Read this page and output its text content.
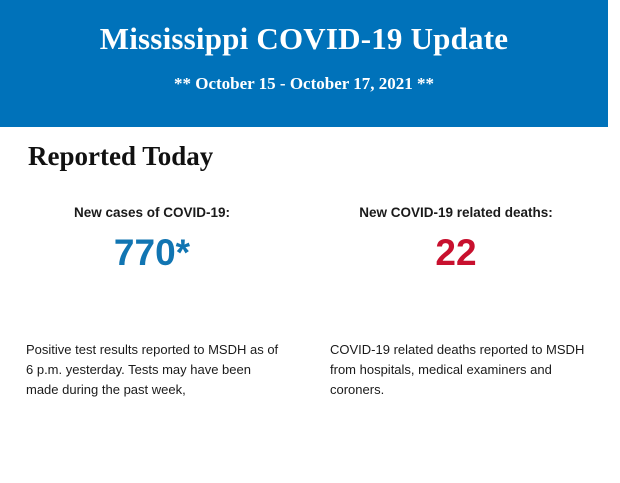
Mississippi COVID-19 Update
** October 15 - October 17, 2021 **
Reported Today
New cases of COVID-19:
770*
New COVID-19 related deaths:
22
Positive test results reported to MSDH as of 6 p.m. yesterday. Tests may have been made during the past week,
COVID-19 related deaths reported to MSDH from hospitals, medical examiners and coroners.
